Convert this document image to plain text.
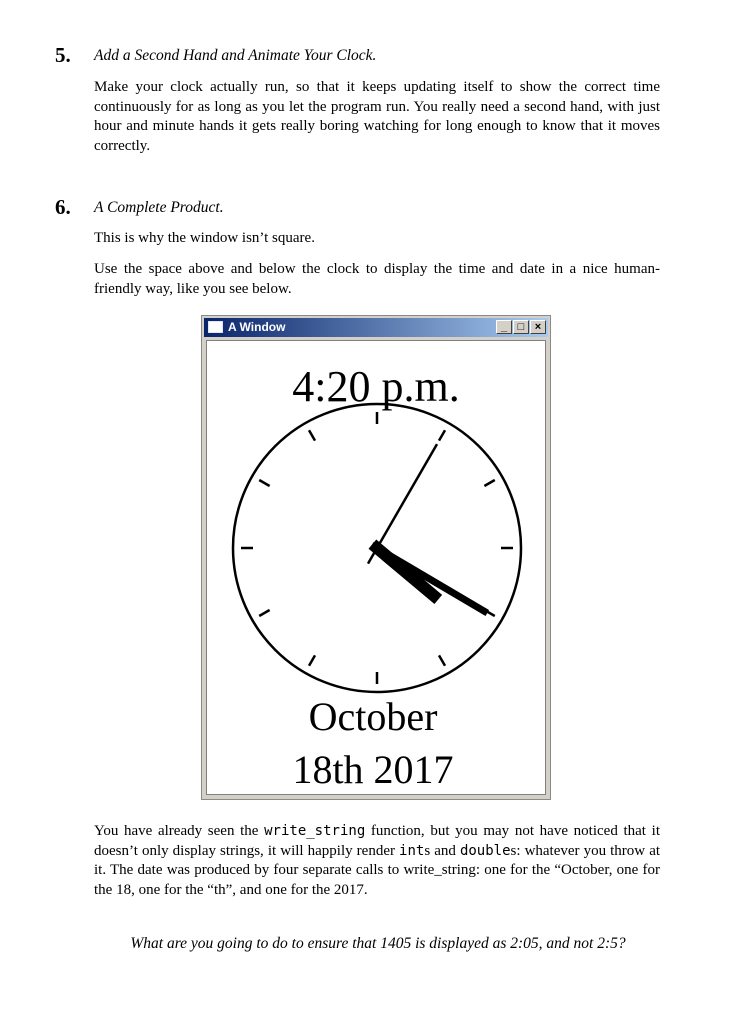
5. Add a Second Hand and Animate Your Clock.
Make your clock actually run, so that it keeps updating itself to show the correct time continuously for as long as you let the program run. You really need a second hand, with just hour and minute hands it gets really boring watching for long enough to know that it moves correctly.
6. A Complete Product.
This is why the window isn’t square.
Use the space above and below the clock to display the time and date in a nice human-friendly way, like you see below.
A Window	_ □ ×
4:20 p.m.
October
18th 2017
You have already seen the write_string function, but you may not have noticed that it doesn’t only display strings, it will happily render ints and doubles: whatever you throw at it. The date was produced by four separate calls to write_string: one for the “October, one for the 18, one for the “th”, and one for the 2017.
What are you going to do to ensure that 1405 is displayed as 2:05, and not 2:5?
